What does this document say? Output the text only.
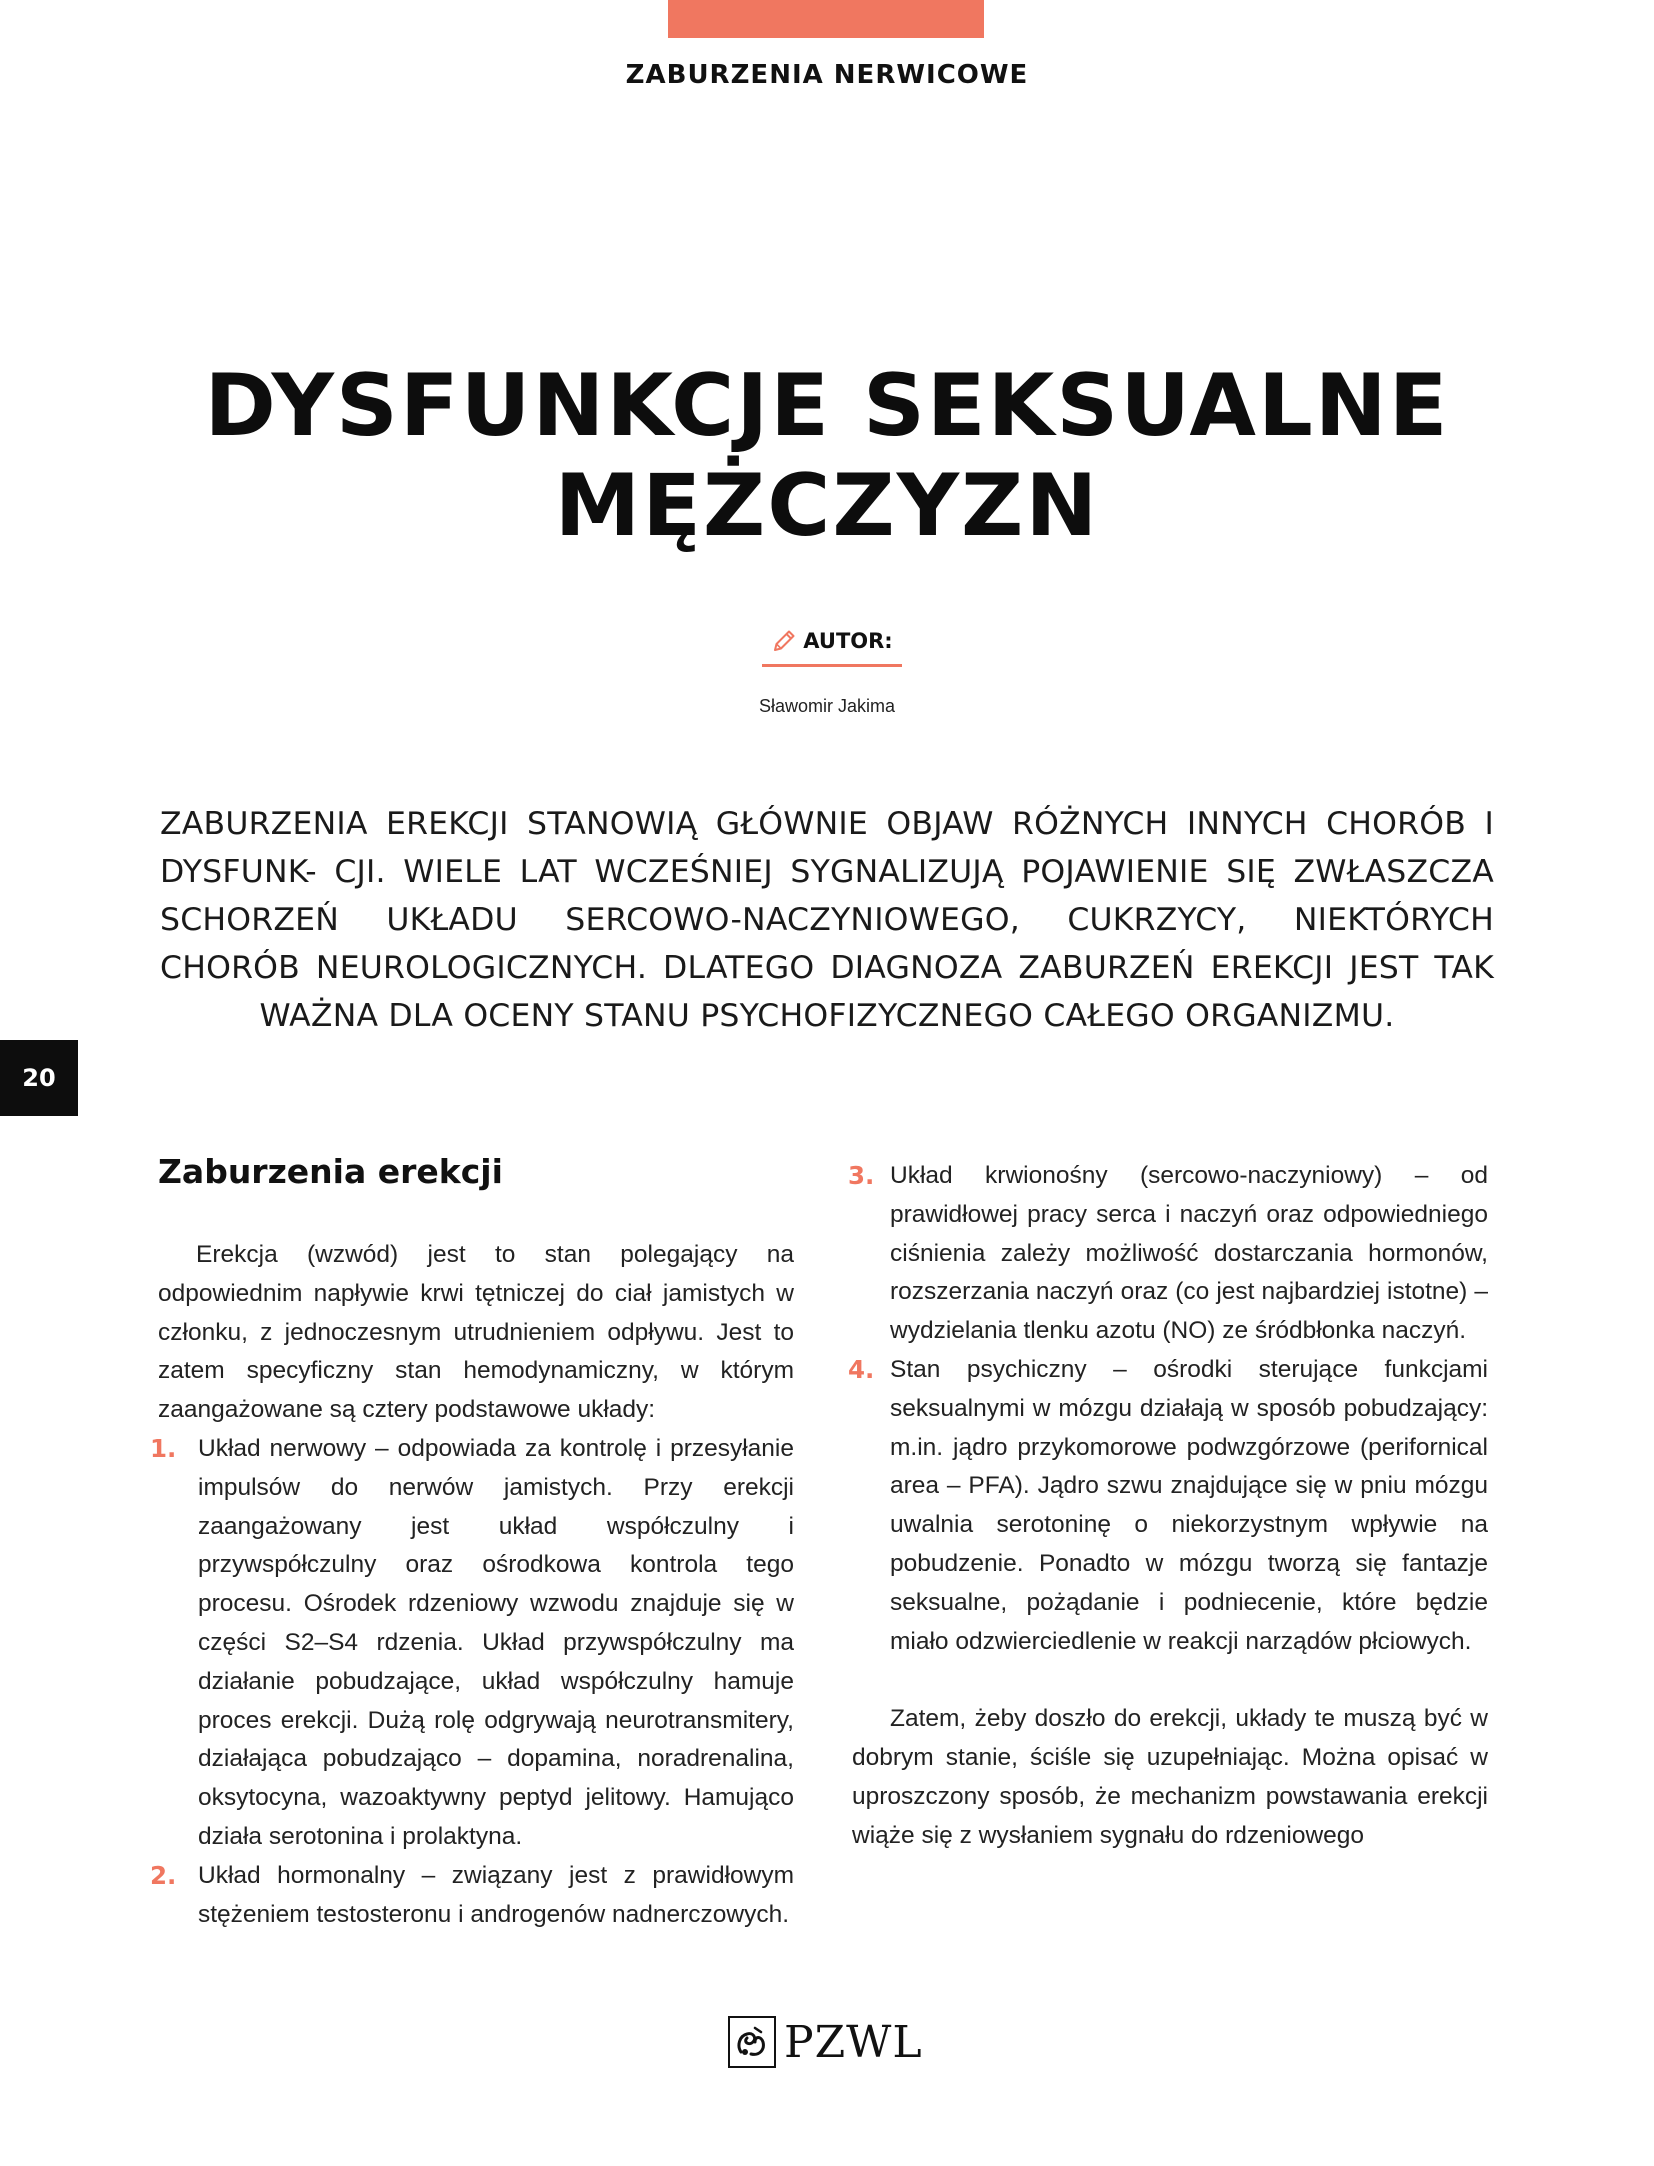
ZABURZENIA NERWICOWE
DYSFUNKCJE SEKSUALNE
MĘŻCZYZN
AUTOR:
Sławomir Jakima

ZABURZENIA EREKCJI STANOWIĄ GŁÓWNIE OBJAW RÓŻNYCH INNYCH CHORÓB I DYSFUNK- CJI. WIELE LAT WCZEŚNIEJ SYGNALIZUJĄ POJAWIENIE SIĘ ZWŁASZCZA SCHORZEŃ UKŁADU SERCOWO-NACZYNIOWEGO, CUKRZYCY, NIEKTÓRYCH CHORÓB NEUROLOGICZNYCH. DLATEGO DIAGNOZA ZABURZEŃ EREKCJI JEST TAK WAŻNA DLA OCENY STANU PSYCHOFIZYCZNEGO CAŁEGO ORGANIZMU.

20
Zaburzenia erekcji

Erekcja (wzwód) jest to stan polegający na odpowiednim napływie krwi tętniczej do ciał jamistych w członku, z jednoczesnym utrudnieniem odpływu. Jest to zatem specyficzny stan hemodynamiczny, w którym zaangażowane są cztery podstawowe układy:

1. Układ nerwowy – odpowiada za kontrolę i przesyłanie impulsów do nerwów jamistych. Przy erekcji zaangażowany jest układ współczulny i przywspółczulny oraz ośrodkowa kontrola tego procesu. Ośrodek rdzeniowy wzwodu znajduje się w części S2–S4 rdzenia. Układ przywspółczulny ma działanie pobudzające, układ współczulny hamuje proces erekcji. Dużą rolę odgrywają neurotransmitery, działająca pobudzająco – dopamina, noradrenalina, oksytocyna, wazoaktywny peptyd jelitowy. Hamująco działa serotonina i prolaktyna.
2. Układ hormonalny – związany jest z prawidłowym stężeniem testosteronu i androgenów nadnerczowych.
3. Układ krwionośny (sercowo-naczyniowy) – od prawidłowej pracy serca i naczyń oraz odpowiedniego ciśnienia zależy możliwość dostarczania hormonów, rozszerzania naczyń oraz (co jest najbardziej istotne) – wydzielania tlenku azotu (NO) ze śródbłonka naczyń.
4. Stan psychiczny – ośrodki sterujące funkcjami seksualnymi w mózgu działają w sposób pobudzający: m.in. jądro przykomorowe podwzgórzowe (perifornical area – PFA). Jądro szwu znajdujące się w pniu mózgu uwalnia serotoninę o niekorzystnym wpływie na pobudzenie. Ponadto w mózgu tworzą się fantazje seksualne, pożądanie i podniecenie, które będzie miało odzwierciedlenie w reakcji narządów płciowych.

Zatem, żeby doszło do erekcji, układy te muszą być w dobrym stanie, ściśle się uzupełniając. Można opisać w uproszczony sposób, że mechanizm powstawania erekcji wiąże się z wysłaniem sygnału do rdzeniowego

PZWL
